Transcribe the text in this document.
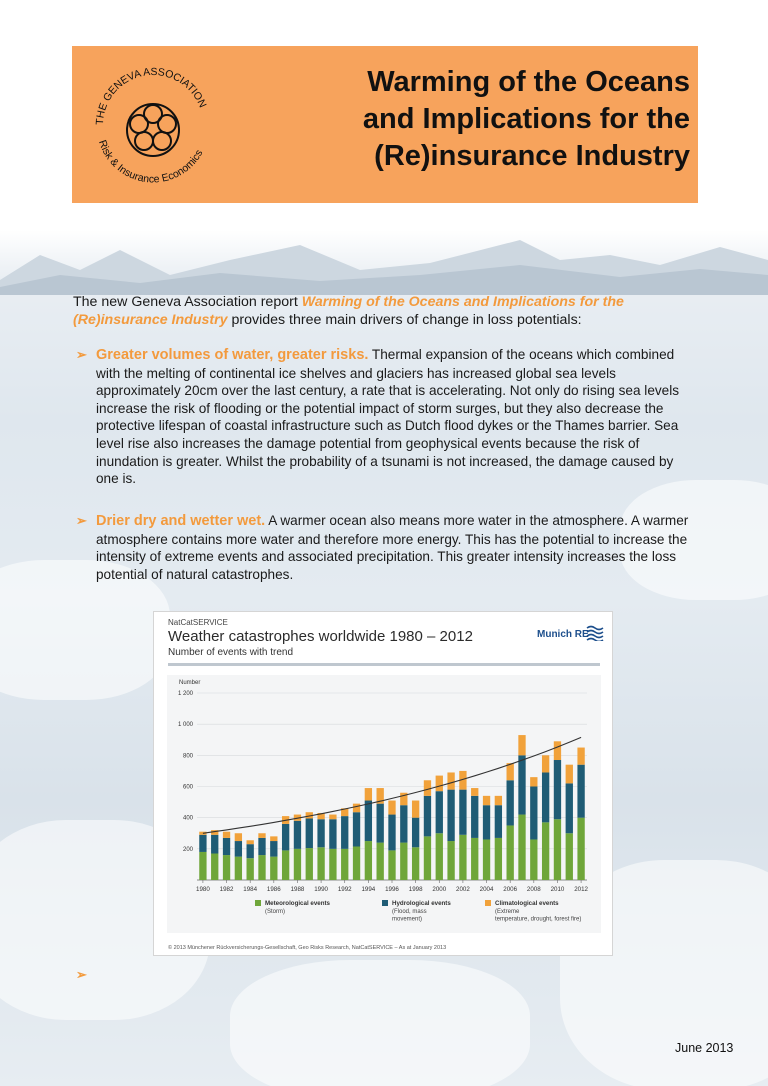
THE GENEVA ASSOCIATION
Risk & Insurance Economics
Warming of the Oceans
and Implications for the
(Re)insurance Industry
The new Geneva Association report Warming of the Oceans and Implications for the (Re)insurance Industry provides three main drivers of change in loss potentials:
➢ Greater volumes of water, greater risks. Thermal expansion of the oceans which combined with the melting of continental ice shelves and glaciers has increased global sea levels approximately 20cm over the last century, a rate that is accelerating. Not only do rising sea levels increase the risk of flooding or the potential impact of storm surges, but they also decrease the protective lifespan of coastal infrastructure such as Dutch flood dykes or the Thames barrier. Sea level rise also increases the damage potential from geophysical events because the risk of inundation is greater. Whilst the probability of a tsunami is not increased, the damage caused by one is.
➢ Drier dry and wetter wet. A warmer ocean also means more water in the atmosphere. A warmer atmosphere contains more water and therefore more energy. This has the potential to increase the intensity of extreme events and associated precipitation. This greater intensity increases the loss potential of natural catastrophes.
NatCatSERVICE
Weather catastrophes worldwide 1980 – 2012
Number of events with trend
Munich RE
Number
200
400
600
800
1 000
1 200
1980 1982 1984 1986 1988 1990 1992 1994 1996 1998 2000 2002 2004 2006 2008 2010 2012
Meteorological events
(Storm)
Hydrological events
(Flood, mass
movement)
Climatological events
(Extreme
temperature, drought, forest fire)
© 2013 Münchener Rückversicherungs-Gesellschaft, Geo Risks Research, NatCatSERVICE – As at January 2013
➢
June 2013
